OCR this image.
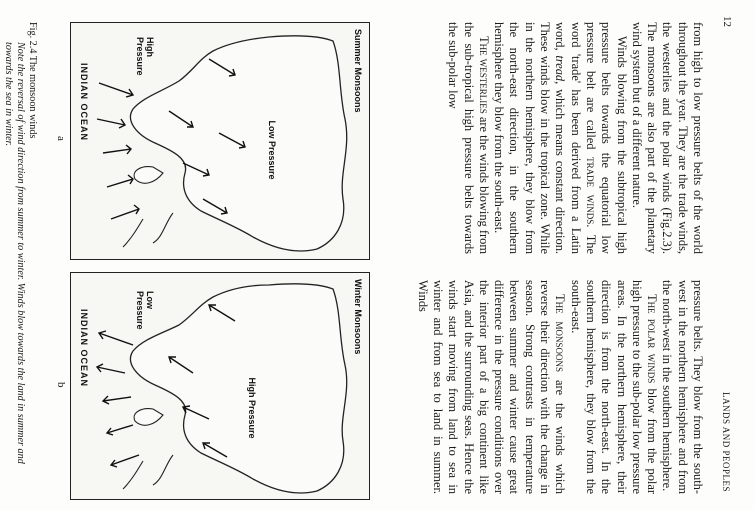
12
LANDS AND PEOPLES

from high to low pressure belts of the world throughout the year. They are the trade winds, the westerlies and the polar winds (Fig.2.3). The monsoons are also part of the planetary wind system but of a different nature.

Winds blowing from the subtropical high pressure belts towards the equatorial low pressure belt are called trade winds. The word 'trade' has been derived from a Latin word, tread, which means constant direction. These winds blow in the tropical zone. While in the northern hemisphere, they blow from the north-east direction, in the southern hemisphere they blow from the south-east.

The westerlies are the winds blowing from the sub-tropical high pressure belts towards the sub-polar low

pressure belts. They blow from the south-west in the northern hemisphere and from the north-west in the southern hemisphere.

The polar winds blow from the polar high pressure to the sub-polar low pressure areas. In the northern hemisphere, their direction is from the north-east. In the southern hemisphere, they blow from the south-east.

The monsoons are the winds which reverse their direction with the change in season. Strong contrasts in temperature between summer and winter cause great difference in the pressure conditions over the interior part of a big continent like Asia, and the surrounding seas. Hence the winds start moving from land to sea in winter and from sea to land in summer. Winds

Summer Monsoons
Low Pressure
High Pressure
INDIAN OCEAN
a
Winter Monsoons
High Pressure
Low Pressure
INDIAN OCEAN
b
Fig. 2.4 The monsoon winds
Note the reversal of wind direction from summer to winter. Winds blow towards the land in summer and towards the sea in winter.
